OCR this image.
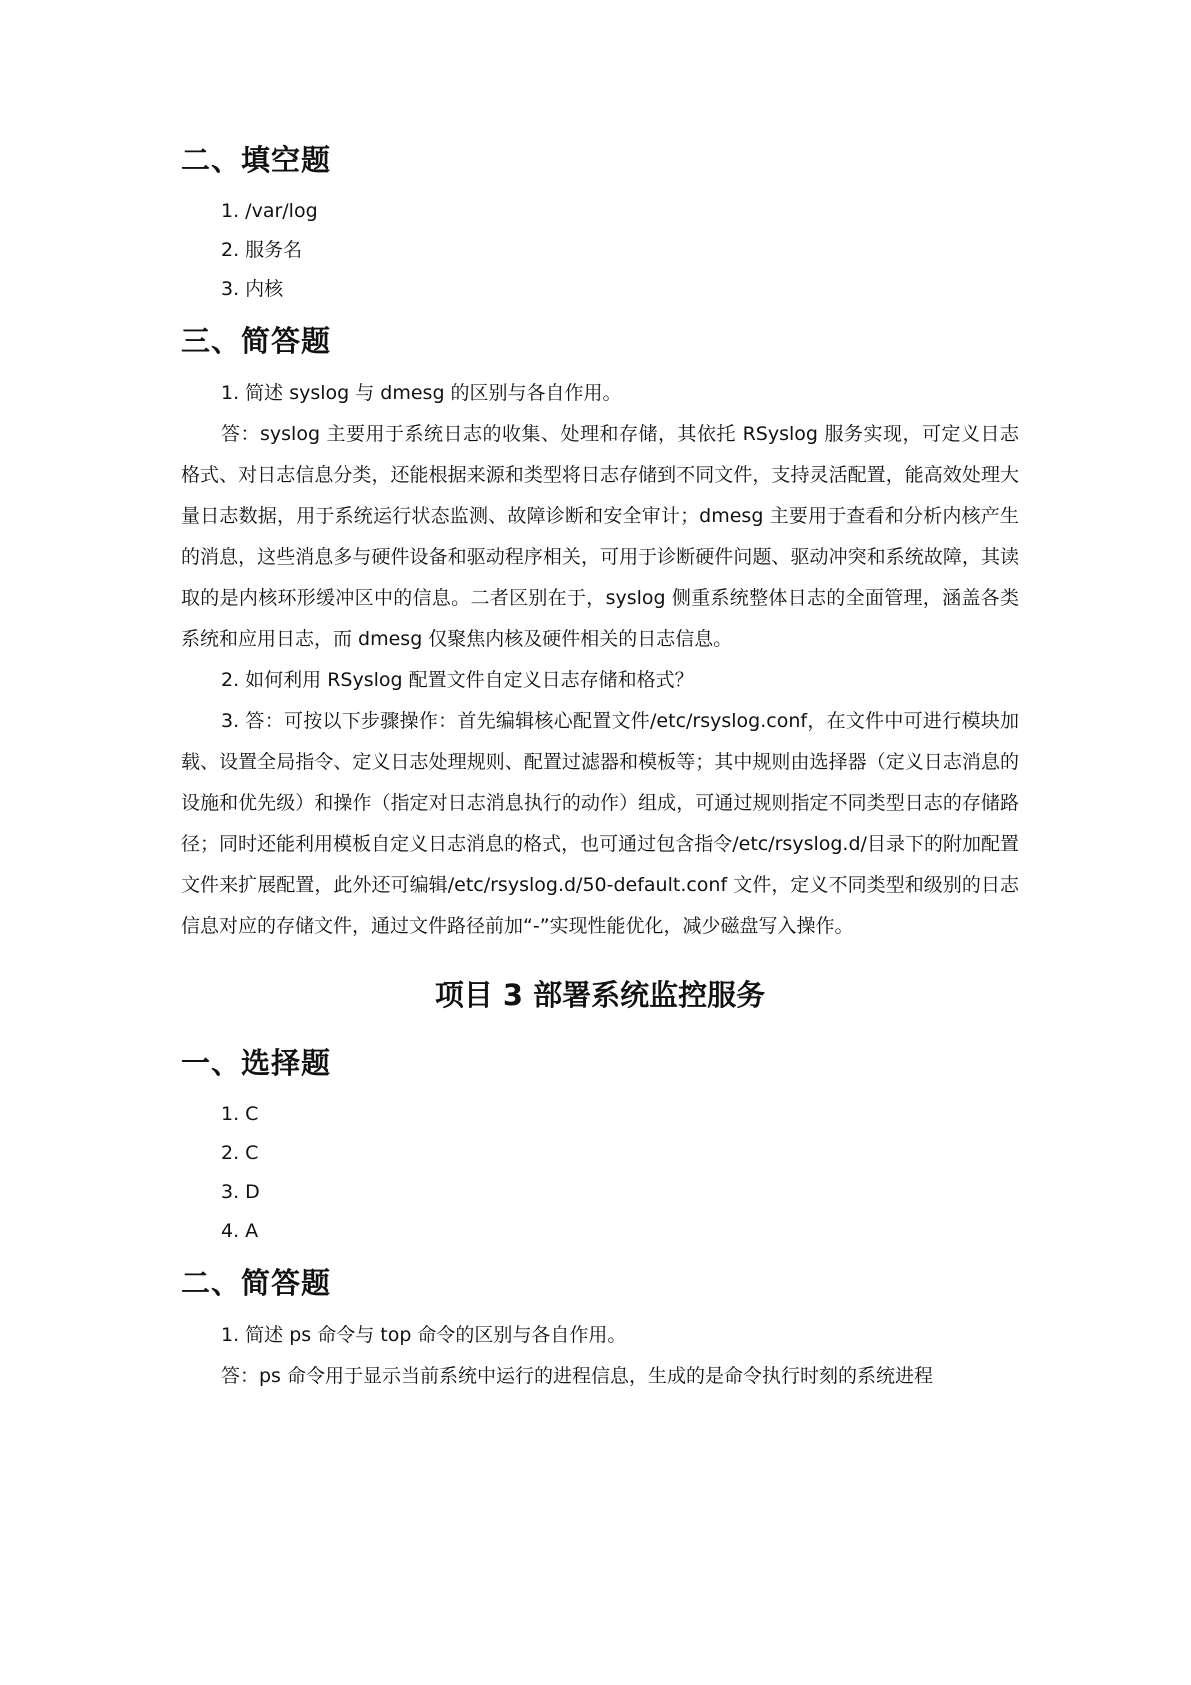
二、填空题
1. /var/log
2. 服务名
3. 内核
三、简答题

1. 简述 syslog 与 dmesg 的区别与各自作用。

答：syslog 主要用于系统日志的收集、处理和存储，其依托 RSyslog 服务实现，可定义日志格式、对日志信息分类，还能根据来源和类型将日志存储到不同文件，支持灵活配置，能高效处理大量日志数据，用于系统运行状态监测、故障诊断和安全审计；dmesg 主要用于查看和分析内核产生的消息，这些消息多与硬件设备和驱动程序相关，可用于诊断硬件问题、驱动冲突和系统故障，其读取的是内核环形缓冲区中的信息。二者区别在于，syslog 侧重系统整体日志的全面管理，涵盖各类系统和应用日志，而 dmesg 仅聚焦内核及硬件相关的日志信息。

2. 如何利用 RSyslog 配置文件自定义日志存储和格式？

3. 答：可按以下步骤操作：首先编辑核心配置文件/etc/rsyslog.conf，在文件中可进行模块加载、设置全局指令、定义日志处理规则、配置过滤器和模板等；其中规则由选择器（定义日志消息的设施和优先级）和操作（指定对日志消息执行的动作）组成，可通过规则指定不同类型日志的存储路径；同时还能利用模板自定义日志消息的格式，也可通过包含指令/etc/rsyslog.d/目录下的附加配置文件来扩展配置，此外还可编辑/etc/rsyslog.d/50-default.conf 文件，定义不同类型和级别的日志信息对应的存储文件，通过文件路径前加“-”实现性能优化，减少磁盘写入操作。

项目 3 部署系统监控服务
一、选择题
1. C
2. C
3. D
4. A
二、简答题

1. 简述 ps 命令与 top 命令的区别与各自作用。

答：ps 命令用于显示当前系统中运行的进程信息，生成的是命令执行时刻的系统进程
